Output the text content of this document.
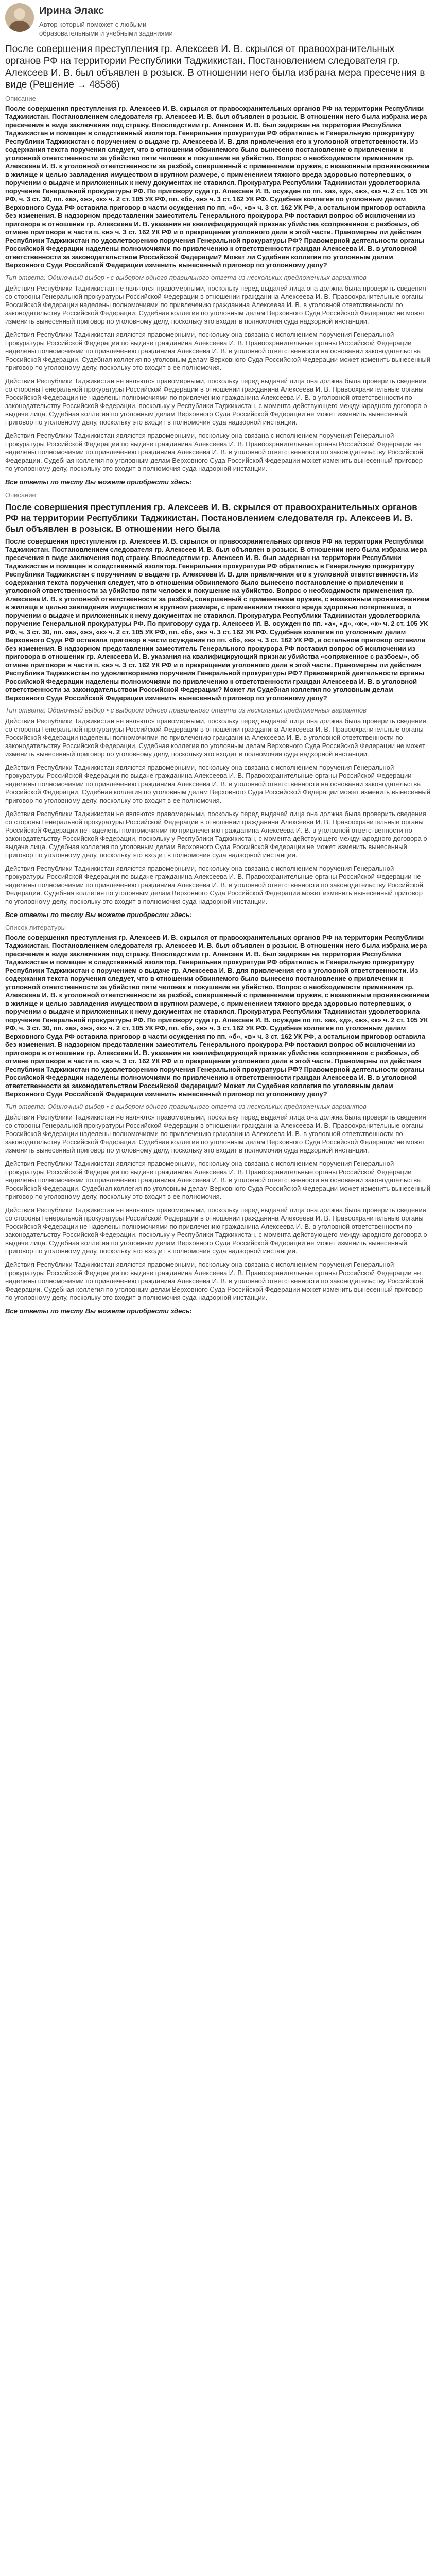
Ирина Элакс
Автор который поможет с любыми образовательными и учебными заданиями
После совершения преступления гр. Алексеев И. В. скрылся от правоохранительных органов РФ на территории Республики Таджикистан. Постановлением следователя гр. Алексеев И. В. был объявлен в розыск. В отношении него была избрана мера пресечения в виде (Решение → 48586)
Описание
После совершения преступления гр. Алексеев И. В. скрылся от правоохранительных органов РФ на территории Республики Таджикистан. Постановлением следователя гр. Алексеев И. В. был объявлен в розыск. В отношении него была избрана мера пресечения в виде заключения под стражу. Впоследствии гр. Алексеев И. В. был задержан на территории Республики Таджикистан и помещен в следственный изолятор. Генеральная прокуратура РФ обратилась в Генеральную прокуратуру Республики Таджикистан с поручением о выдаче гр. Алексеева И. В. для привлечения его к уголовной ответственности. Из содержания текста поручения следует, что в отношении обвиняемого было вынесено постановление о привлечении к уголовной ответственности за убийство пяти человек и покушение на убийство. Вопрос о необходимости применения гр. Алексеева И. В. к уголовной ответственности за разбой, совершенный с применением оружия, с незаконным проникновением в жилище и целью завладения имуществом в крупном размере, с применением тяжкого вреда здоровью потерпевших, о поручении о выдаче и приложенных к нему документах не ставился. Прокуратура Республики Таджикистан удовлетворила поручение Генеральной прокуратуры РФ. По приговору суда гр. Алексеев И. В. осужден по пп. «а», «д», «ж», «к» ч. 2 ст. 105 УК РФ, ч. 3 ст. 30, пп. «а», «ж», «к» ч. 2 ст. 105 УК РФ, пп. «б», «в» ч. 3 ст. 162 УК РФ. Судебная коллегия по уголовным делам Верховного Суда РФ оставила приговор в части осуждения по пп. «б», «в» ч. 3 ст. 162 УК РФ, а остальном приговор оставила без изменения. В надзорном представлении заместитель Генерального прокурора РФ поставил вопрос об исключении из приговора в отношении гр. Алексеева И. В. указания на квалифицирующий признак убийства «сопряженное с разбоем», об отмене приговора в части п. «в» ч. 3 ст. 162 УК РФ и о прекращении уголовного дела в этой части. Правомерны ли действия Республики Таджикистан по удовлетворению поручения Генеральной прокуратуры РФ? Правомерной деятельности органы Российской Федерации наделены полномочиями по привлечению к ответственности граждан Алексеева И. В. в уголовной ответственности за законодательством Российской Федерации? Может ли Судебная коллегия по уголовным делам Верховного Суда Российской Федерации изменить вынесенный приговор по уголовному делу?
Тип ответа: Одиночный выбор • с выбором одного правильного ответа из нескольких предложенных вариантов
Действия Республики Таджикистан не являются правомерными, поскольку перед выдачей лица она должна была проверить сведения со стороны Генеральной прокуратуры Российской Федерации в отношении гражданина Алексеева И. В. Правоохранительные органы Российской Федерации наделены полномочиями по привлечению гражданина Алексеева И. В. в уголовной ответственности по законодательству Российской Федерации. Судебная коллегия по уголовным делам Верховного Суда Российской Федерации не может изменить вынесенный приговор по уголовному делу, поскольку это входит в полномочия суда надзорной инстанции.
Действия Республики Таджикистан являются правомерными, поскольку она связана с исполнением поручения Генеральной прокуратуры Российской Федерации по выдаче гражданина Алексеева И. В. Правоохранительные органы Российской Федерации наделены полномочиями по привлечению гражданина Алексеева И. В. в уголовной ответственности на основании законодательства Российской Федерации. Судебная коллегия по уголовным делам Верховного Суда Российской Федерации может изменить вынесенный приговор по уголовному делу, поскольку это входит в ее полномочия.
Действия Республики Таджикистан не являются правомерными, поскольку перед выдачей лица она должна была проверить сведения со стороны Генеральной прокуратуры Российской Федерации в отношении гражданина Алексеева И. В. Правоохранительные органы Российской Федерации не наделены полномочиями по привлечению гражданина Алексеева И. В. в уголовной ответственности по законодательству Российской Федерации, поскольку у Республики Таджикистан, с момента действующего международного договора о выдаче лица. Судебная коллегия по уголовным делам Верховного Суда Российской Федерации не может изменить вынесенный приговор по уголовному делу, поскольку это входит в полномочия суда надзорной инстанции.
Действия Республики Таджикистан являются правомерными, поскольку она связана с исполнением поручения Генеральной прокуратуры Российской Федерации по выдаче гражданина Алексеева И. В. Правоохранительные органы Российской Федерации не наделены полномочиями по привлечению гражданина Алексеева И. В. в уголовной ответственности по законодательству Российской Федерации. Судебная коллегия по уголовным делам Верховного Суда Российской Федерации может изменить вынесенный приговор по уголовному делу, поскольку это входит в полномочия суда надзорной инстанции.
Все ответы по тесту Вы можете приобрести здесь:
Описание
После совершения преступления гр. Алексеев И. В. скрылся от правоохранительных органов РФ на территории Республики Таджикистан. Постановлением следователя гр. Алексеев И. В. был объявлен в розыск. В отношении него была
После совершения преступления гр. Алексеев И. В. скрылся от правоохранительных органов РФ на территории Республики Таджикистан. Постановлением следователя гр. Алексеев И. В. был объявлен в розыск. В отношении него была избрана мера пресечения в виде заключения под стражу. Впоследствии гр. Алексеев И. В. был задержан на территории Республики Таджикистан и помещен в следственный изолятор. Генеральная прокуратура РФ обратилась в Генеральную прокуратуру Республики Таджикистан с поручением о выдаче гр. Алексеева И. В. для привлечения его к уголовной ответственности. Из содержания текста поручения следует, что в отношении обвиняемого было вынесено постановление о привлечении к уголовной ответственности за убийство пяти человек и покушение на убийство. Вопрос о необходимости применения гр. Алексеева И. В. к уголовной ответственности за разбой, совершенный с применением оружия, с незаконным проникновением в жилище и целью завладения имуществом в крупном размере, с применением тяжкого вреда здоровью потерпевших, о поручении о выдаче и приложенных к нему документах не ставился. Прокуратура Республики Таджикистан удовлетворила поручение Генеральной прокуратуры РФ. По приговору суда гр. Алексеев И. В. осужден по пп. «а», «д», «ж», «к» ч. 2 ст. 105 УК РФ, ч. 3 ст. 30, пп. «а», «ж», «к» ч. 2 ст. 105 УК РФ, пп. «б», «в» ч. 3 ст. 162 УК РФ. Судебная коллегия по уголовным делам Верховного Суда РФ оставила приговор в части осуждения по пп. «б», «в» ч. 3 ст. 162 УК РФ, а остальном приговор оставила без изменения. В надзорном представлении заместитель Генерального прокурора РФ поставил вопрос об исключении из приговора в отношении гр. Алексеева И. В. указания на квалифицирующий признак убийства «сопряженное с разбоем», об отмене приговора в части п. «в» ч. 3 ст. 162 УК РФ и о прекращении уголовного дела в этой части. Правомерны ли действия Республики Таджикистан по удовлетворению поручения Генеральной прокуратуры РФ? Правомерной деятельности органы Российской Федерации наделены полномочиями по привлечению к ответственности граждан Алексеева И. В. в уголовной ответственности за законодательством Российской Федерации? Может ли Судебная коллегия по уголовным делам Верховного Суда Российской Федерации изменить вынесенный приговор по уголовному делу?
Тип ответа: Одиночный выбор • с выбором одного правильного ответа из нескольких предложенных вариантов
Действия Республики Таджикистан не являются правомерными, поскольку перед выдачей лица она должна была проверить сведения со стороны Генеральной прокуратуры Российской Федерации в отношении гражданина Алексеева И. В. Правоохранительные органы Российской Федерации наделены полномочиями по привлечению гражданина Алексеева И. В. в уголовной ответственности по законодательству Российской Федерации. Судебная коллегия по уголовным делам Верховного Суда Российской Федерации не может изменить вынесенный приговор по уголовному делу, поскольку это входит в полномочия суда надзорной инстанции.
Действия Республики Таджикистан являются правомерными, поскольку она связана с исполнением поручения Генеральной прокуратуры Российской Федерации по выдаче гражданина Алексеева И. В. Правоохранительные органы Российской Федерации наделены полномочиями по привлечению гражданина Алексеева И. В. в уголовной ответственности на основании законодательства Российской Федерации. Судебная коллегия по уголовным делам Верховного Суда Российской Федерации может изменить вынесенный приговор по уголовному делу, поскольку это входит в ее полномочия.
Действия Республики Таджикистан не являются правомерными, поскольку перед выдачей лица она должна была проверить сведения со стороны Генеральной прокуратуры Российской Федерации в отношении гражданина Алексеева И. В. Правоохранительные органы Российской Федерации не наделены полномочиями по привлечению гражданина Алексеева И. В. в уголовной ответственности по законодательству Российской Федерации, поскольку у Республики Таджикистан, с момента действующего международного договора о выдаче лица. Судебная коллегия по уголовным делам Верховного Суда Российской Федерации не может изменить вынесенный приговор по уголовному делу, поскольку это входит в полномочия суда надзорной инстанции.
Действия Республики Таджикистан являются правомерными, поскольку она связана с исполнением поручения Генеральной прокуратуры Российской Федерации по выдаче гражданина Алексеева И. В. Правоохранительные органы Российской Федерации не наделены полномочиями по привлечению гражданина Алексеева И. В. в уголовной ответственности по законодательству Российской Федерации. Судебная коллегия по уголовным делам Верховного Суда Российской Федерации может изменить вынесенный приговор по уголовному делу, поскольку это входит в полномочия суда надзорной инстанции.
Все ответы по тесту Вы можете приобрести здесь:
Список литературы
После совершения преступления гр. Алексеев И. В. скрылся от правоохранительных органов РФ на территории Республики Таджикистан. Постановлением следователя гр. Алексеев И. В. был объявлен в розыск. В отношении него была избрана мера пресечения в виде заключения под стражу. Впоследствии гр. Алексеев И. В. был задержан на территории Республики Таджикистан и помещен в следственный изолятор. Генеральная прокуратура РФ обратилась в Генеральную прокуратуру Республики Таджикистан с поручением о выдаче гр. Алексеева И. В. для привлечения его к уголовной ответственности. Из содержания текста поручения следует, что в отношении обвиняемого было вынесено постановление о привлечении к уголовной ответственности за убийство пяти человек и покушение на убийство. Вопрос о необходимости применения гр. Алексеева И. В. к уголовной ответственности за разбой, совершенный с применением оружия, с незаконным проникновением в жилище и целью завладения имуществом в крупном размере, с применением тяжкого вреда здоровью потерпевших, о поручении о выдаче и приложенных к нему документах не ставился. Прокуратура Республики Таджикистан удовлетворила поручение Генеральной прокуратуры РФ. По приговору суда гр. Алексеев И. В. осужден по пп. «а», «д», «ж», «к» ч. 2 ст. 105 УК РФ, ч. 3 ст. 30, пп. «а», «ж», «к» ч. 2 ст. 105 УК РФ, пп. «б», «в» ч. 3 ст. 162 УК РФ. Судебная коллегия по уголовным делам Верховного Суда РФ оставила приговор в части осуждения по пп. «б», «в» ч. 3 ст. 162 УК РФ, а остальном приговор оставила без изменения. В надзорном представлении заместитель Генерального прокурора РФ поставил вопрос об исключении из приговора в отношении гр. Алексеева И. В. указания на квалифицирующий признак убийства «сопряженное с разбоем», об отмене приговора в части п. «в» ч. 3 ст. 162 УК РФ и о прекращении уголовного дела в этой части. Правомерны ли действия Республики Таджикистан по удовлетворению поручения Генеральной прокуратуры РФ? Правомерной деятельности органы Российской Федерации наделены полномочиями по привлечению к ответственности граждан Алексеева И. В. в уголовной ответственности за законодательством Российской Федерации? Может ли Судебная коллегия по уголовным делам Верховного Суда Российской Федерации изменить вынесенный приговор по уголовному делу?
Тип ответа: Одиночный выбор • с выбором одного правильного ответа из нескольких предложенных вариантов
Действия Республики Таджикистан не являются правомерными, поскольку перед выдачей лица она должна была проверить сведения со стороны Генеральной прокуратуры Российской Федерации в отношении гражданина Алексеева И. В. Правоохранительные органы Российской Федерации наделены полномочиями по привлечению гражданина Алексеева И. В. в уголовной ответственности по законодательству Российской Федерации. Судебная коллегия по уголовным делам Верховного Суда Российской Федерации не может изменить вынесенный приговор по уголовному делу, поскольку это входит в полномочия суда надзорной инстанции.
Действия Республики Таджикистан являются правомерными, поскольку она связана с исполнением поручения Генеральной прокуратуры Российской Федерации по выдаче гражданина Алексеева И. В. Правоохранительные органы Российской Федерации наделены полномочиями по привлечению гражданина Алексеева И. В. в уголовной ответственности на основании законодательства Российской Федерации. Судебная коллегия по уголовным делам Верховного Суда Российской Федерации может изменить вынесенный приговор по уголовному делу, поскольку это входит в ее полномочия.
Действия Республики Таджикистан не являются правомерными, поскольку перед выдачей лица она должна была проверить сведения со стороны Генеральной прокуратуры Российской Федерации в отношении гражданина Алексеева И. В. Правоохранительные органы Российской Федерации не наделены полномочиями по привлечению гражданина Алексеева И. В. в уголовной ответственности по законодательству Российской Федерации, поскольку у Республики Таджикистан, с момента действующего международного договора о выдаче лица. Судебная коллегия по уголовным делам Верховного Суда Российской Федерации не может изменить вынесенный приговор по уголовному делу, поскольку это входит в полномочия суда надзорной инстанции.
Действия Республики Таджикистан являются правомерными, поскольку она связана с исполнением поручения Генеральной прокуратуры Российской Федерации по выдаче гражданина Алексеева И. В. Правоохранительные органы Российской Федерации не наделены полномочиями по привлечению гражданина Алексеева И. В. в уголовной ответственности по законодательству Российской Федерации. Судебная коллегия по уголовным делам Верховного Суда Российской Федерации может изменить вынесенный приговор по уголовному делу, поскольку это входит в полномочия суда надзорной инстанции.
Все ответы по тесту Вы можете приобрести здесь:
